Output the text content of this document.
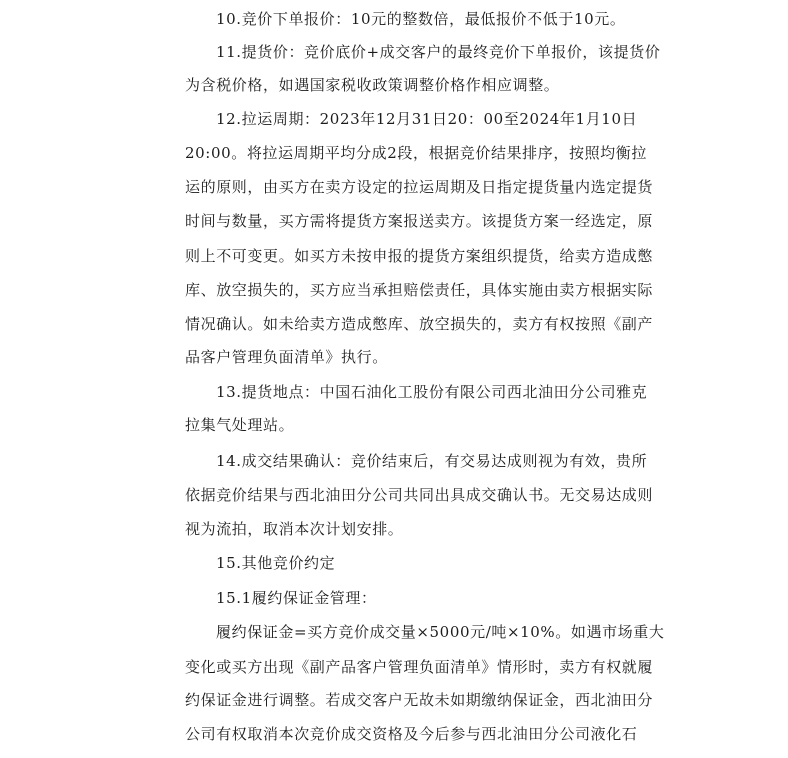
10.竞价下单报价：10元的整数倍，最低报价不低于10元。
11.提货价：竞价底价+成交客户的最终竞价下单报价，该提货价
为含税价格，如遇国家税收政策调整价格作相应调整。
12.拉运周期：2023年12月31日20：00至2024年1月10日
20:00。将拉运周期平均分成2段，根据竞价结果排序，按照均衡拉
运的原则，由买方在卖方设定的拉运周期及日指定提货量内选定提货
时间与数量，买方需将提货方案报送卖方。该提货方案一经选定，原
则上不可变更。如买方未按申报的提货方案组织提货，给卖方造成憋
库、放空损失的，买方应当承担赔偿责任，具体实施由卖方根据实际
情况确认。如未给卖方造成憋库、放空损失的，卖方有权按照《副产
品客户管理负面清单》执行。
13.提货地点：中国石油化工股份有限公司西北油田分公司雅克
拉集气处理站。
14.成交结果确认：竞价结束后，有交易达成则视为有效，贵所
依据竞价结果与西北油田分公司共同出具成交确认书。无交易达成则
视为流拍，取消本次计划安排。
15.其他竞价约定
15.1履约保证金管理：
履约保证金=买方竞价成交量×5000元/吨×10%。如遇市场重大
变化或买方出现《副产品客户管理负面清单》情形时，卖方有权就履
约保证金进行调整。若成交客户无故未如期缴纳保证金，西北油田分
公司有权取消本次竞价成交资格及今后参与西北油田分公司液化石
